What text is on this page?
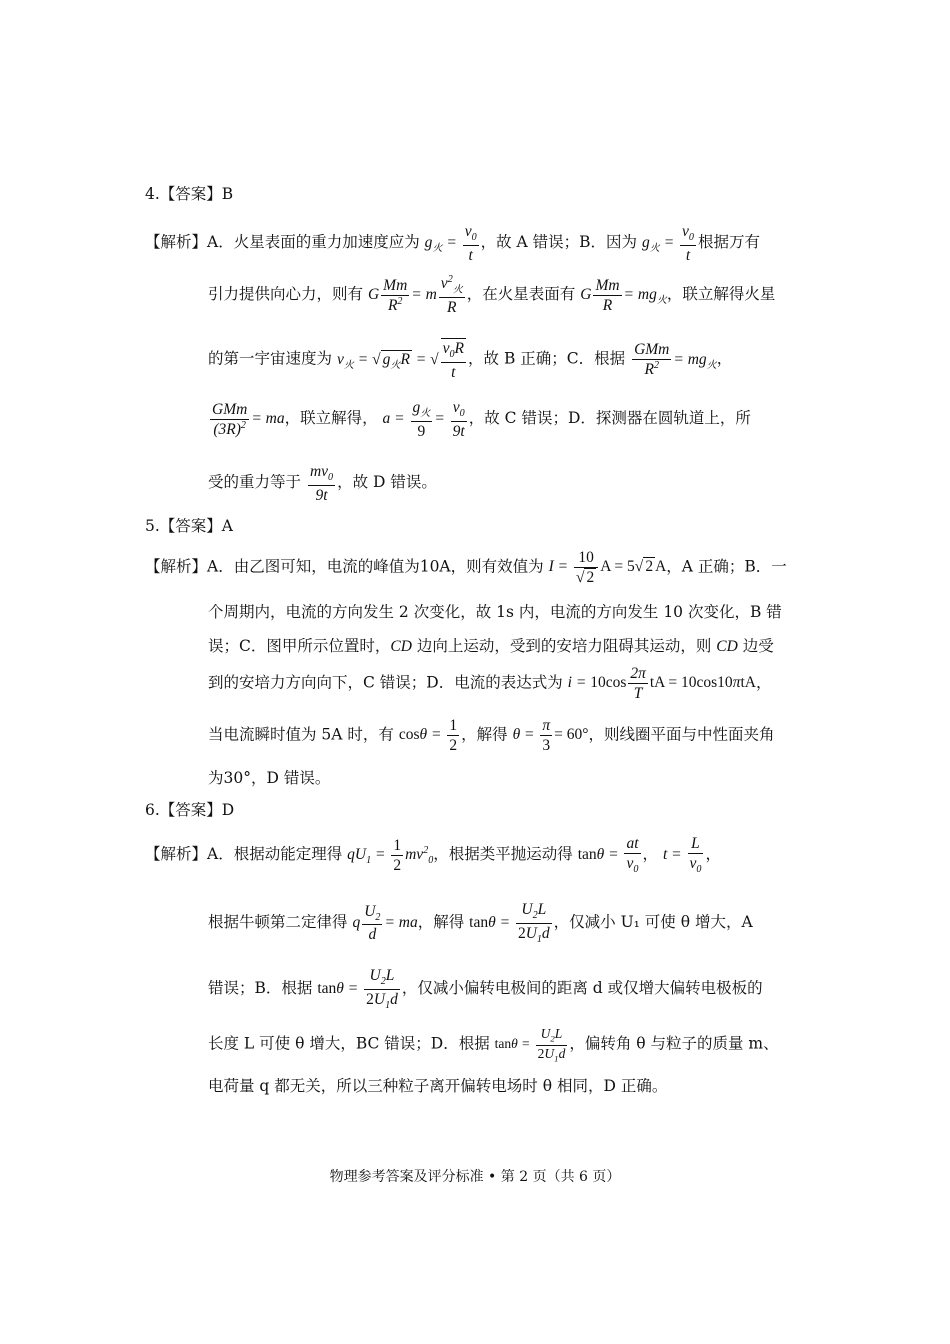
4.【答案】B
【解析】A．火星表面的重力加速度应为 $g_火 = \frac{v_0}{t}$ ，故 A 错误；B．因为 $g_火 = \frac{v_0}{t}$ 根据万有
引力提供向心力，则有 G $\frac{Mm}{R^2} = m \frac{v^2_火}{R}$ ，在火星表面有 G $\frac{Mm}{R} = mg_火$，联立解得火星
的第一宇宙速度为 $v_火$ = √ $g_火R$ = √ $\frac{v_0R}{t}$ ，故 B 正确；C．根据 $\frac{\text{GMm}}{R^2} = mg_火$，
$\frac{\text{GMm}}{(3R)^2}$ = ma，联立解得， $a = \frac{g_火}{9} = \frac{v_0}{9t}$ ，故 C 错误；D．探测器在圆轨道上，所
受的重力等于 $\frac{mv_0}{9t}$ ，故 D 错误。
5.【答案】A
【解析】A．由乙图可知，电流的峰值为10A，则有效值为 $I = \frac{10}{√ 2}$ A = 5√ 2 A，A 正确；B．一
个周期内，电流的方向发生 2 次变化，故 1s 内，电流的方向发生 10 次变化，B 错
误；C．图甲所示位置时，CD 边向上运动，受到的安培力阻碍其运动，则 CD 边受
到的安培力方向向下，C 错误；D．电流的表达式为 $i = 10\cos \frac{2\pi}{T}$ tA = 10cos10πtA，
当电流瞬时值为 5A 时，有 $\cos\theta = \frac{1}{2}$ ，解得 $\theta = \frac{\pi}{3} = 60^\circ$，则线圈平面与中性面夹角
为30°，D 错误。
6.【答案】D
【解析】A．根据动能定理得 $qU_1 = \frac{1}{2} mv^2_0$，根据类平抛运动得 $\tan\theta = \frac{at}{v_0}$ ， $t = \frac{L}{v_0}$ ，
根据牛顿第二定律得 q $\frac{U_2}{d}$ = ma，解得 $\tan\theta = \frac{U_2L}{2U_1d}$ ，仅减小 U₁ 可使 θ 增大，A
错误；B．根据 $\tan\theta = \frac{U_2L}{2U_1d}$ ，仅减小偏转电极间的距离 d 或仅增大偏转电极板的
长度 L 可使 θ 增大，BC 错误；D．根据 $\tan\theta = \frac{U_2L}{2U_1d}$ ，偏转角 θ 与粒子的质量 m、
电荷量 q 都无关，所以三种粒子离开偏转电场时 θ 相同，D 正确。
物理参考答案及评分标准 • 第 2 页（共 6 页）
